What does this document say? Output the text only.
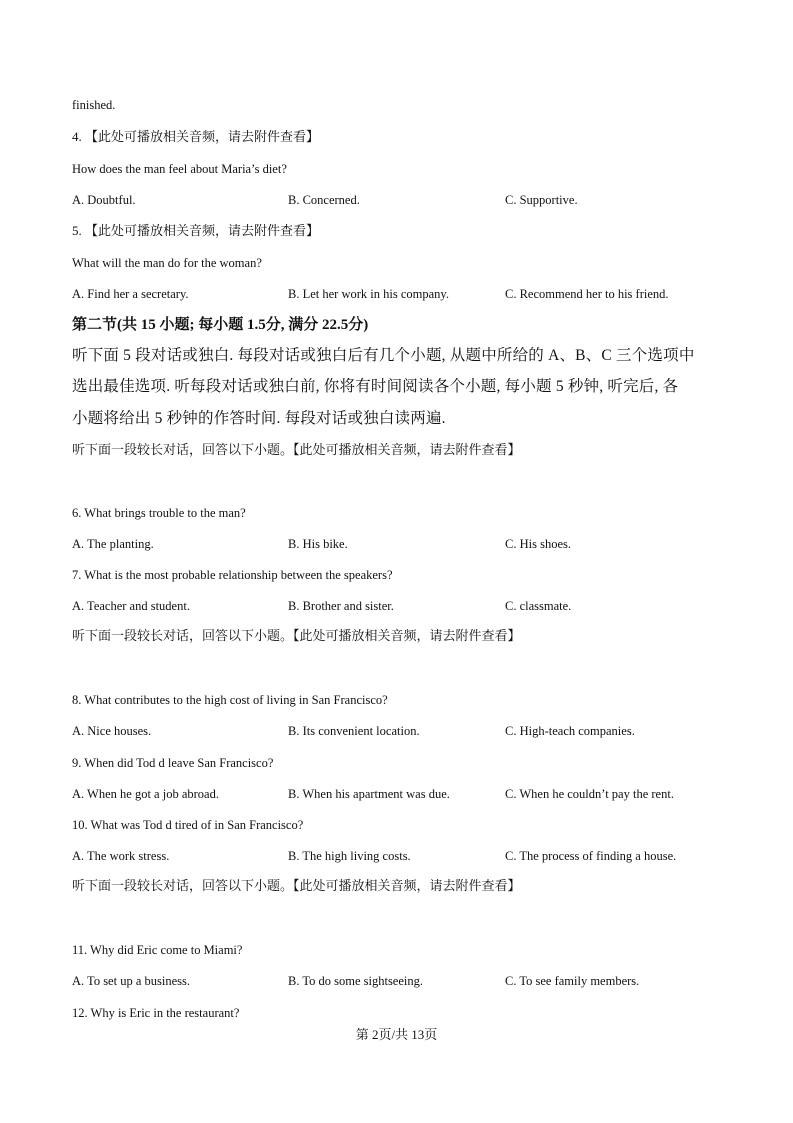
finished.
4. 【此处可播放相关音频，请去附件查看】
How does the man feel about Maria’s diet?
A. Doubtful.	B. Concerned.	C. Supportive.
5. 【此处可播放相关音频，请去附件查看】
What will the man do for the woman?
A. Find her a secretary.	B. Let her work in his company.	C. Recommend her to his friend.
第二节(共 15 小题; 每小题 1.5分, 满分 22.5分)
听下面 5 段对话或独白. 每段对话或独白后有几个小题, 从题中所给的 A、B、C 三个选项中
选出最佳选项. 听每段对话或独白前, 你将有时间阅读各个小题, 每小题 5 秒钟, 听完后, 各
小题将给出 5 秒钟的作答时间. 每段对话或独白读两遍.
听下面一段较长对话，回答以下小题。【此处可播放相关音频，请去附件查看】
6. What brings trouble to the man?
A. The planting.	B. His bike.	C. His shoes.
7. What is the most probable relationship between the speakers?
A. Teacher and student.	B. Brother and sister.	C. classmate.
听下面一段较长对话，回答以下小题。【此处可播放相关音频，请去附件查看】
8. What contributes to the high cost of living in San Francisco?
A. Nice houses.	B. Its convenient location.	C. High-teach companies.
9. When did Tod d leave San Francisco?
A. When he got a job abroad.	B. When his apartment was due.	C. When he couldn’t pay the rent.
10. What was Tod d tired of in San Francisco?
A. The work stress.	B. The high living costs.	C. The process of finding a house.
听下面一段较长对话，回答以下小题。【此处可播放相关音频，请去附件查看】
11. Why did Eric come to Miami?
A. To set up a business.	B. To do some sightseeing.	C. To see family members.
12. Why is Eric in the restaurant?
第 2页/共 13页
